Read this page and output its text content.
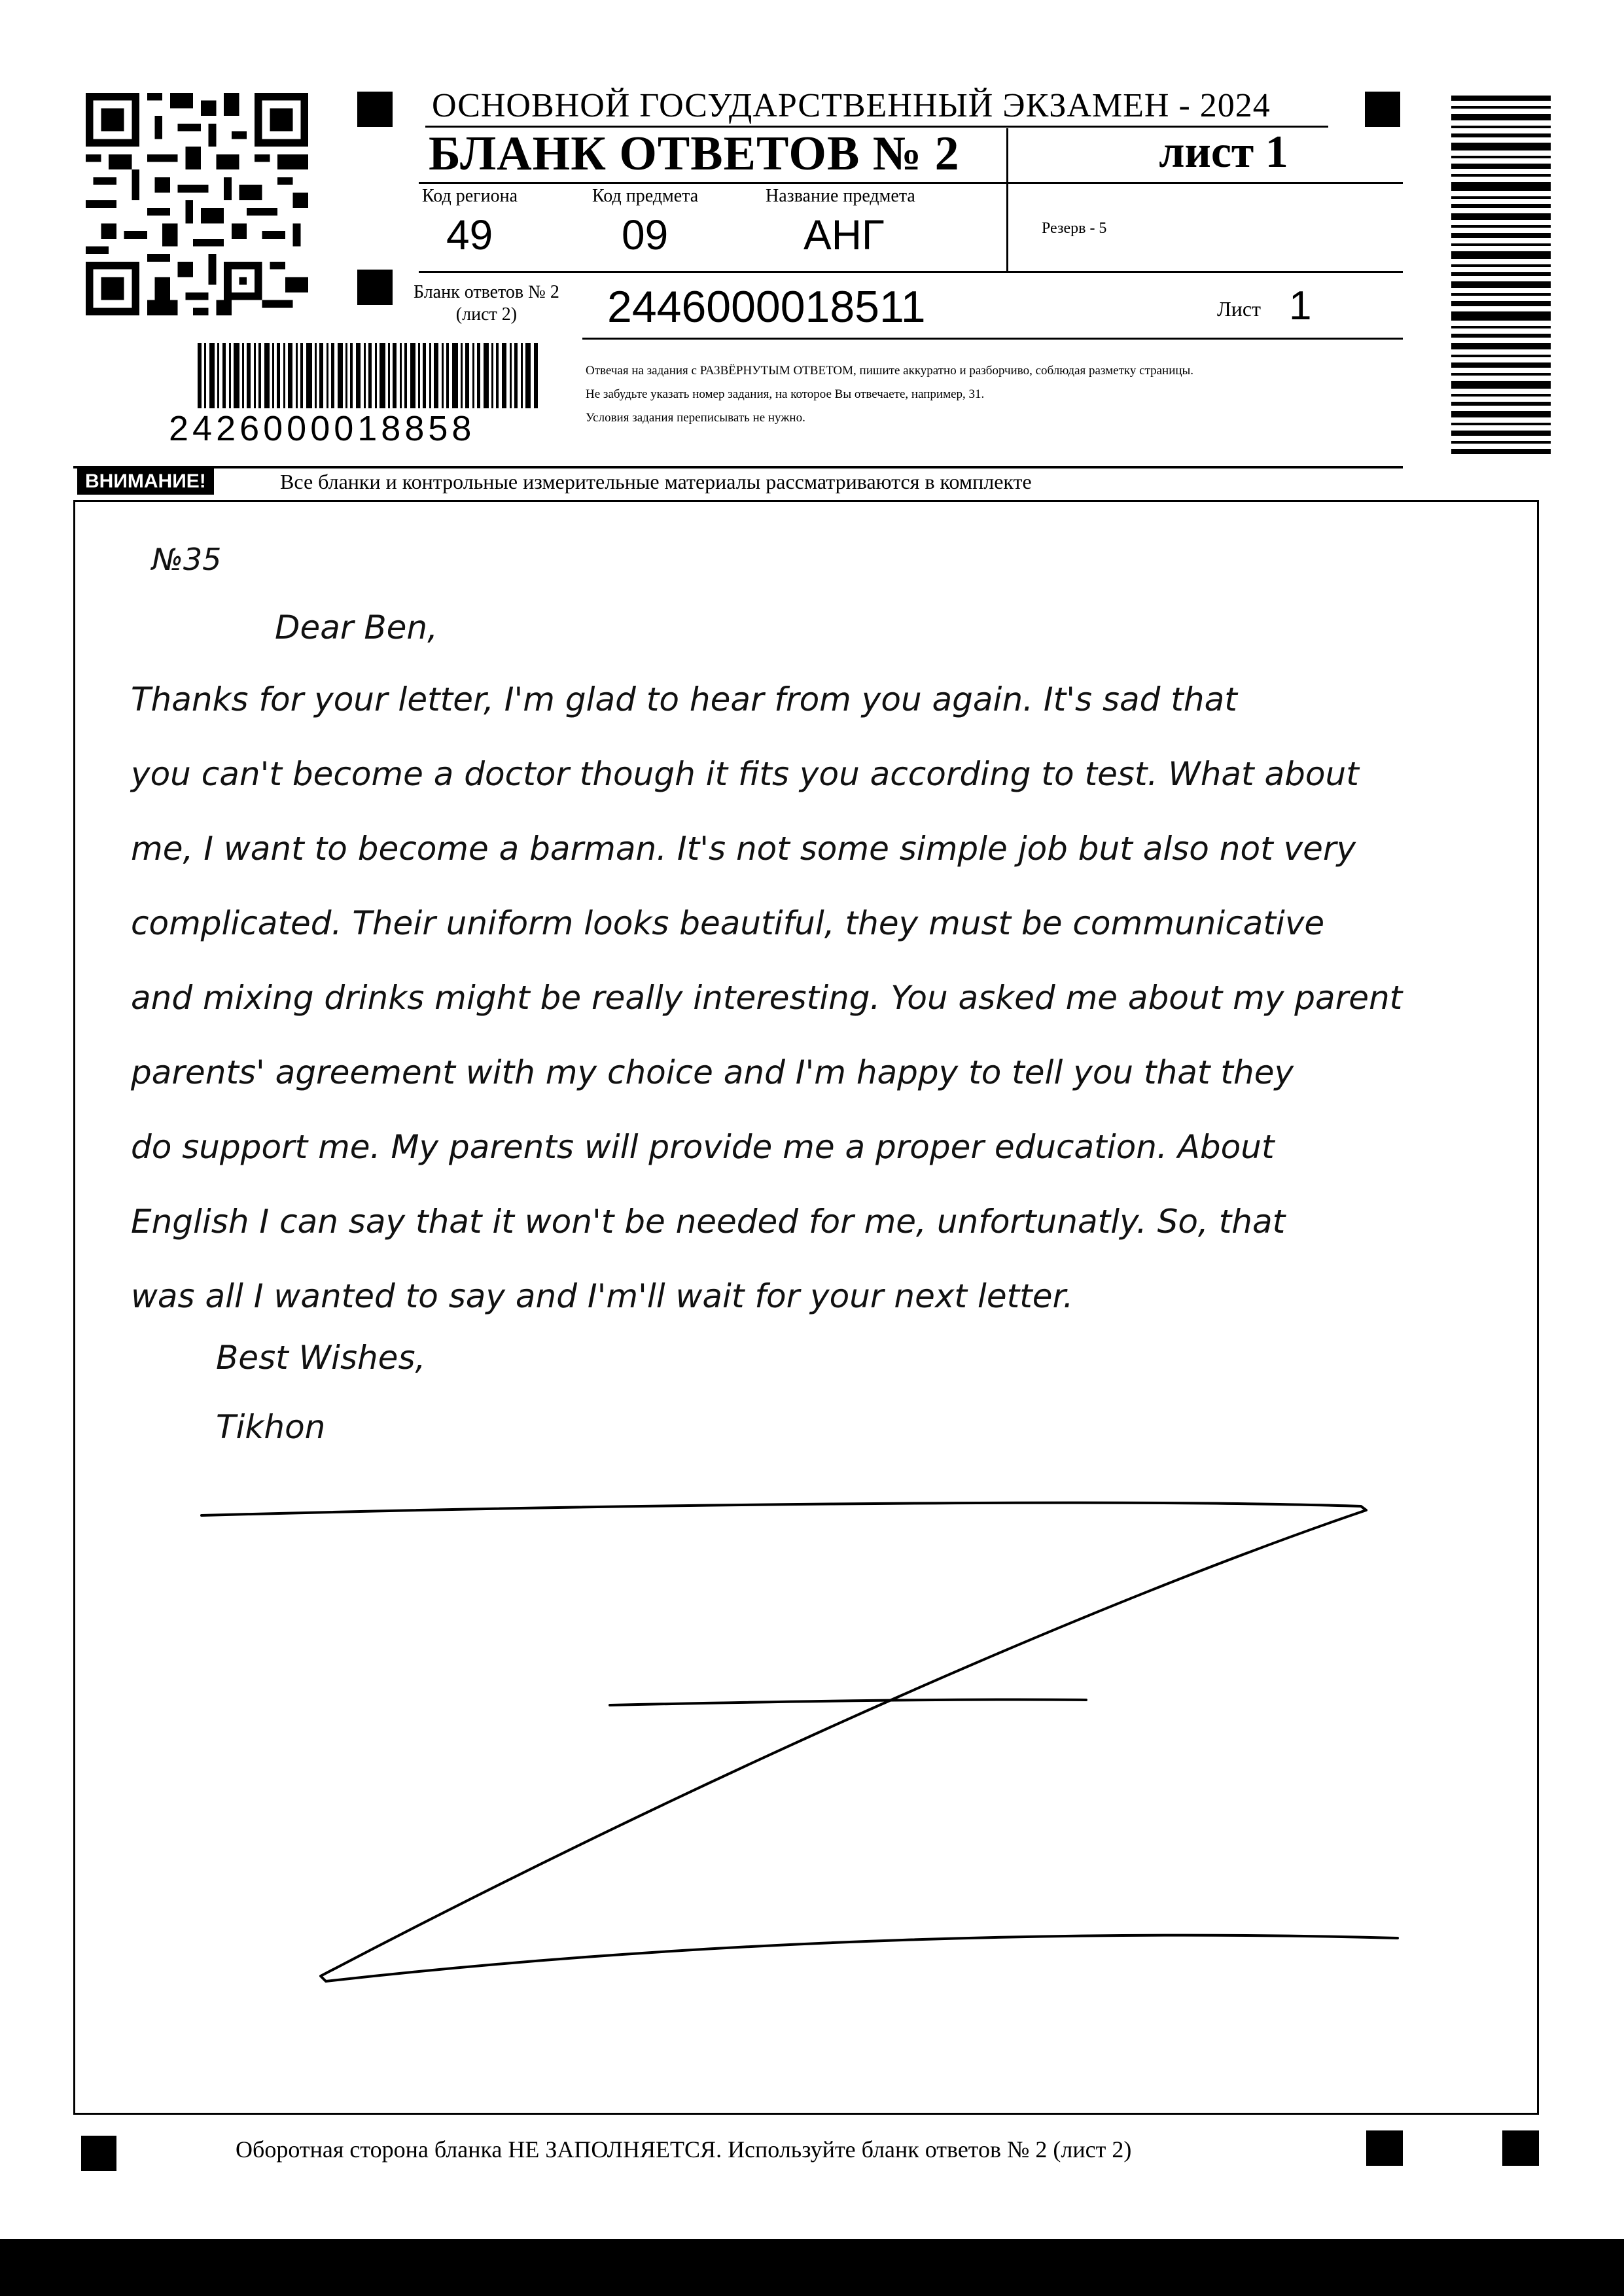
ОСНОВНОЙ ГОСУДАРСТВЕННЫЙ ЭКЗАМЕН - 2024
БЛАНК ОТВЕТОВ № 2	лист 1
Код региона
49
Код предмета
09
Название предмета
АНГ	Резерв - 5
Бланк ответов № 2
(лист 2)	2446000018511	Лист 1
Отвечая на задания с РАЗВЁРНУТЫМ ОТВЕТОМ, пишите аккуратно и разборчиво, соблюдая разметку страницы.
Не забудьте указать номер задания, на которое Вы отвечаете, например, 31.
Условия задания переписывать не нужно.
2426000018858
ВНИМАНИЕ!	Все бланки и контрольные измерительные материалы рассматриваются в комплекте
№35
Dear Ben,
Thanks for your letter, I'm glad to hear from you again. It's sad that
you can't become a doctor though it fits you according to test. What about
me, I want to become a barman. It's not some simple job but also not very
complicated. Their uniform looks beautiful, they must be communicative
and mixing drinks might be really interesting. You asked me about my parent
parents' agreement with my choice and I'm happy to tell you that they
do support me. My parents will provide me a proper education. About
English I can say that it won't be needed for me, unfortunatly. So, that
was all I wanted to say and I'm'll wait for your next letter.
Best Wishes,
Tikhon
Оборотная сторона бланка НЕ ЗАПОЛНЯЕТСЯ. Используйте бланк ответов № 2 (лист 2)
